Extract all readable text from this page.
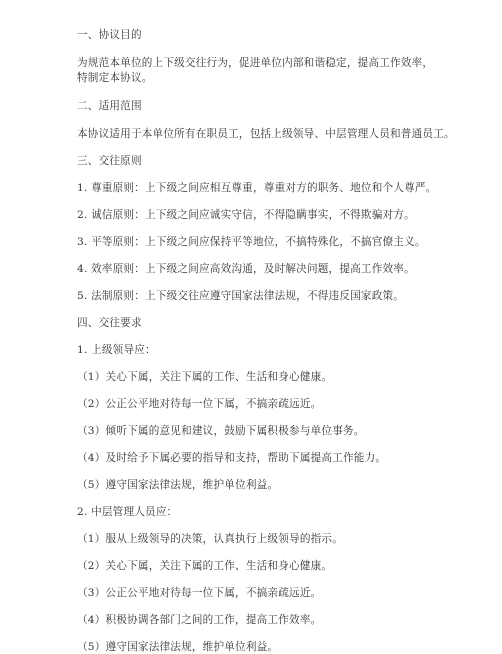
一、协议目的
为规范本单位的上下级交往行为，促进单位内部和谐稳定，提高工作效率，特制定本协议。
二、适用范围
本协议适用于本单位所有在职员工，包括上级领导、中层管理人员和普通员工。
三、交往原则
1. 尊重原则：上下级之间应相互尊重，尊重对方的职务、地位和个人尊严。
2. 诚信原则：上下级之间应诚实守信，不得隐瞒事实，不得欺骗对方。
3. 平等原则：上下级之间应保持平等地位，不搞特殊化，不搞官僚主义。
4. 效率原则：上下级之间应高效沟通，及时解决问题，提高工作效率。
5. 法制原则：上下级交往应遵守国家法律法规，不得违反国家政策。
四、交往要求
1. 上级领导应：
（1）关心下属，关注下属的工作、生活和身心健康。
（2）公正公平地对待每一位下属，不搞亲疏远近。
（3）倾听下属的意见和建议，鼓励下属积极参与单位事务。
（4）及时给予下属必要的指导和支持，帮助下属提高工作能力。
（5）遵守国家法律法规，维护单位利益。
2. 中层管理人员应：
（1）服从上级领导的决策，认真执行上级领导的指示。
（2）关心下属，关注下属的工作、生活和身心健康。
（3）公正公平地对待每一位下属，不搞亲疏远近。
（4）积极协调各部门之间的工作，提高工作效率。
（5）遵守国家法律法规，维护单位利益。
